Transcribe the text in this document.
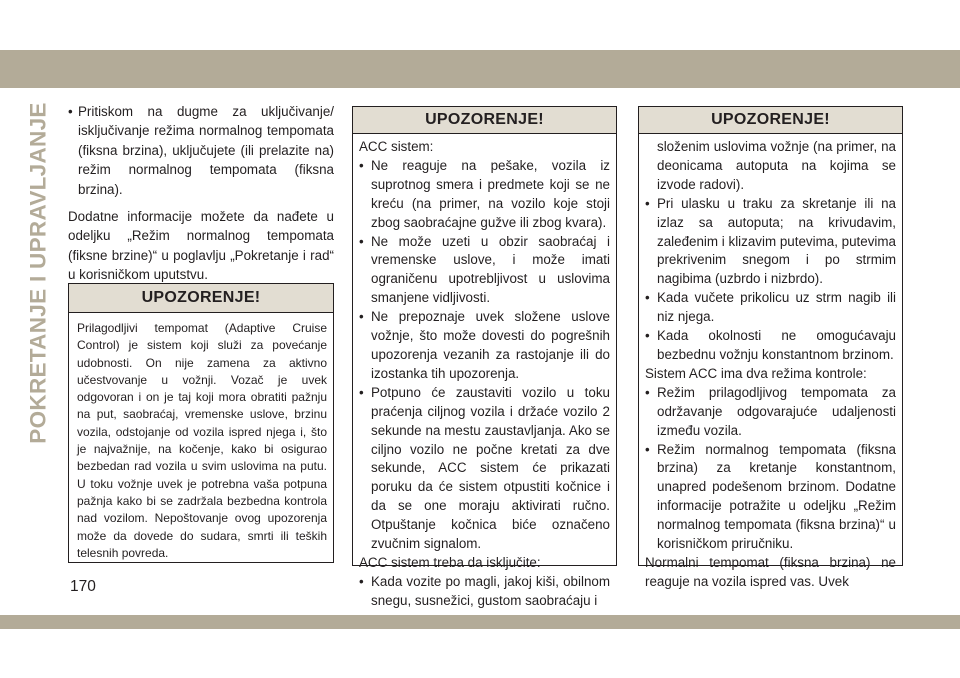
POKRETANJE I UPRAVLJANJE • Pritiskom na dugme za uključivanje/ isključivanje režima normalnog tempomata (fiksna brzina), uključujete (ili prelazite na) režim normalnog tempomata (fiksna brzina).
Dodatne informacije možete da nađete u odeljku „Režim normalnog tempomata (fiksne brzine)“ u poglavlju „Pokretanje i rad“ u korisničkom uputstvu.
UPOZORENJE!
Prilagodljivi tempomat (Adaptive Cruise Control) je sistem koji služi za povećanje udobnosti. On nije zamena za aktivno učestvovanje u vožnji. Vozač je uvek odgovoran i on je taj koji mora obratiti pažnju na put, saobraćaj, vremenske uslove, brzinu vozila, odstojanje od vozila ispred njega i, što je najvažnije, na kočenje, kako bi osigurao bezbedan rad vozila u svim uslovima na putu. U toku vožnje uvek je potrebna vaša potpuna pažnja kako bi se zadržala bezbedna kontrola nad vozilom. Nepoštovanje ovog upozorenja može da dovede do sudara, smrti ili teških telesnih povreda.
UPOZORENJE!
ACC sistem:
• Ne reaguje na pešake, vozila iz suprotnog smera i predmete koji se ne kreću (na primer, na vozilo koje stoji zbog saobraćajne gužve ili zbog kvara).
• Ne može uzeti u obzir saobraćaj i vremenske uslove, i može imati ograničenu upotrebljivost u uslovima smanjene vidljivosti.
• Ne prepoznaje uvek složene uslove vožnje, što može dovesti do pogrešnih upozorenja vezanih za rastojanje ili do izostanka tih upozorenja.
• Potpuno će zaustaviti vozilo u toku praćenja ciljnog vozila i držaće vozilo 2 sekunde na mestu zaustavljanja. Ako se ciljno vozilo ne počne kretati za dve sekunde, ACC sistem će prikazati poruku da će sistem otpustiti kočnice i da se one moraju aktivirati ručno. Otpuštanje kočnica biće označeno zvučnim signalom.
ACC sistem treba da isključite:
• Kada vozite po magli, jakoj kiši, obilnom snegu, susnežici, gustom saobraćaju i
UPOZORENJE!
složenim uslovima vožnje (na primer, na deonicama autoputa na kojima se izvode radovi).
• Pri ulasku u traku za skretanje ili na izlaz sa autoputa; na krivudavim, zaleđenim i klizavim putevima, putevima prekrivenim snegom i po strmim nagibima (uzbrdo i nizbrdo).
• Kada vučete prikolicu uz strm nagib ili niz njega.
• Kada okolnosti ne omogućavaju bezbednu vožnju konstantnom brzinom.
Sistem ACC ima dva režima kontrole:
• Režim prilagodljivog tempomata za održavanje odgovarajuće udaljenosti između vozila.
• Režim normalnog tempomata (fiksna brzina) za kretanje konstantnom, unapred podešenom brzinom. Dodatne informacije potražite u odeljku „Režim normalnog tempomata (fiksna brzina)“ u korisničkom priručniku.
Normalni tempomat (fiksna brzina) ne reaguje na vozila ispred vas. Uvek
170
